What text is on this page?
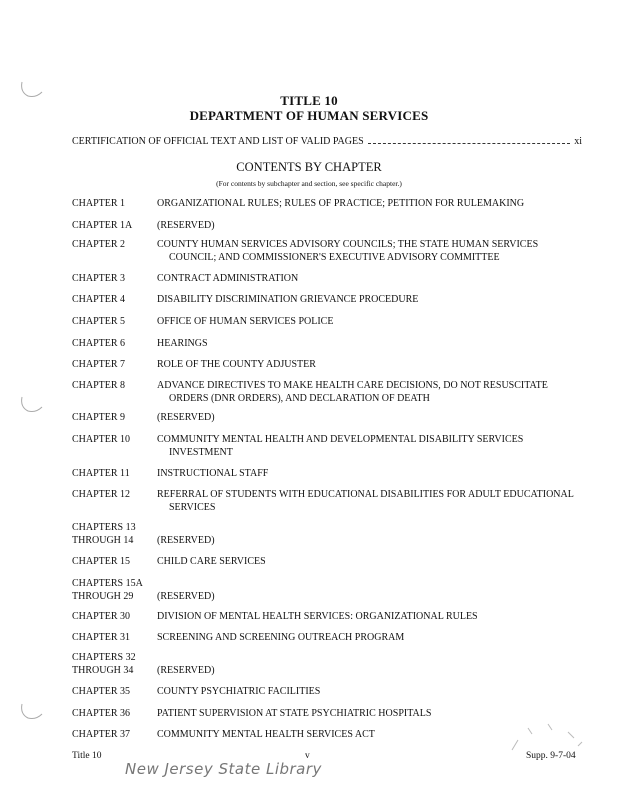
TITLE 10
DEPARTMENT OF HUMAN SERVICES
CERTIFICATION OF OFFICIAL TEXT AND LIST OF VALID PAGES	xi
CONTENTS BY CHAPTER
(For contents by subchapter and section, see specific chapter.)
CHAPTER 1	ORGANIZATIONAL RULES; RULES OF PRACTICE; PETITION FOR RULEMAKING
CHAPTER 1A	(RESERVED)
CHAPTER 2	COUNTY HUMAN SERVICES ADVISORY COUNCILS; THE STATE HUMAN SERVICES
COUNCIL; AND COMMISSIONER'S EXECUTIVE ADVISORY COMMITTEE
CHAPTER 3	CONTRACT ADMINISTRATION
CHAPTER 4	DISABILITY DISCRIMINATION GRIEVANCE PROCEDURE
CHAPTER 5	OFFICE OF HUMAN SERVICES POLICE
CHAPTER 6	HEARINGS
CHAPTER 7	ROLE OF THE COUNTY ADJUSTER
CHAPTER 8	ADVANCE DIRECTIVES TO MAKE HEALTH CARE DECISIONS, DO NOT RESUSCITATE
ORDERS (DNR ORDERS), AND DECLARATION OF DEATH
CHAPTER 9	(RESERVED)
CHAPTER 10	COMMUNITY MENTAL HEALTH AND DEVELOPMENTAL DISABILITY SERVICES
INVESTMENT
CHAPTER 11	INSTRUCTIONAL STAFF
CHAPTER 12	REFERRAL OF STUDENTS WITH EDUCATIONAL DISABILITIES FOR ADULT EDUCATIONAL
SERVICES
CHAPTERS 13
THROUGH 14	(RESERVED)
CHAPTER 15	CHILD CARE SERVICES
CHAPTERS 15A
THROUGH 29	(RESERVED)
CHAPTER 30	DIVISION OF MENTAL HEALTH SERVICES: ORGANIZATIONAL RULES
CHAPTER 31	SCREENING AND SCREENING OUTREACH PROGRAM
CHAPTERS 32
THROUGH 34	(RESERVED)
CHAPTER 35	COUNTY PSYCHIATRIC FACILITIES
CHAPTER 36	PATIENT SUPERVISION AT STATE PSYCHIATRIC HOSPITALS
CHAPTER 37	COMMUNITY MENTAL HEALTH SERVICES ACT
Title 10	v	Supp. 9-7-04
New Jersey State Library
